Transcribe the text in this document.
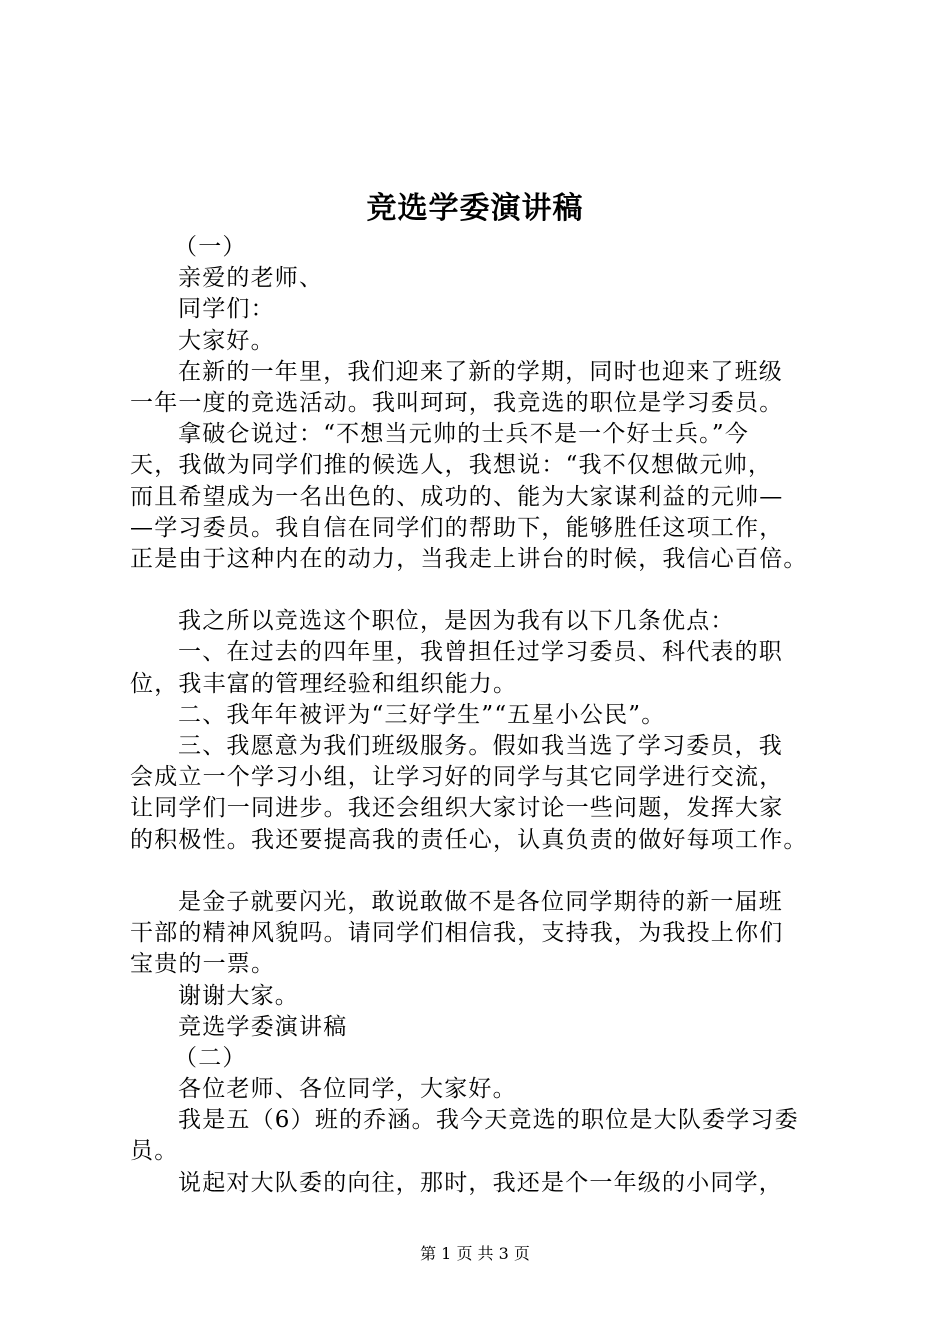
竞选学委演讲稿
（一）
亲爱的老师、
同学们：
大家好。
在新的一年里，我们迎来了新的学期，同时也迎来了班级
一年一度的竞选活动。我叫珂珂，我竞选的职位是学习委员。
拿破仑说过：“不想当元帅的士兵不是一个好士兵。”今
天，我做为同学们推的候选人，我想说：“我不仅想做元帅，
而且希望成为一名出色的、成功的、能为大家谋利益的元帅—
—学习委员。我自信在同学们的帮助下，能够胜任这项工作，
正是由于这种内在的动力，当我走上讲台的时候，我信心百倍。
我之所以竞选这个职位，是因为我有以下几条优点：
一、在过去的四年里，我曾担任过学习委员、科代表的职
位，我丰富的管理经验和组织能力。
二、我年年被评为“三好学生”“五星小公民”。
三、我愿意为我们班级服务。假如我当选了学习委员，我
会成立一个学习小组，让学习好的同学与其它同学进行交流，
让同学们一同进步。我还会组织大家讨论一些问题，发挥大家
的积极性。我还要提高我的责任心，认真负责的做好每项工作。
是金子就要闪光，敢说敢做不是各位同学期待的新一届班
干部的精神风貌吗。请同学们相信我，支持我，为我投上你们
宝贵的一票。
谢谢大家。
竞选学委演讲稿
（二）
各位老师、各位同学，大家好。
我是五（6）班的乔涵。我今天竞选的职位是大队委学习委
员。
说起对大队委的向往，那时，我还是个一年级的小同学，
第 1 页 共 3 页
